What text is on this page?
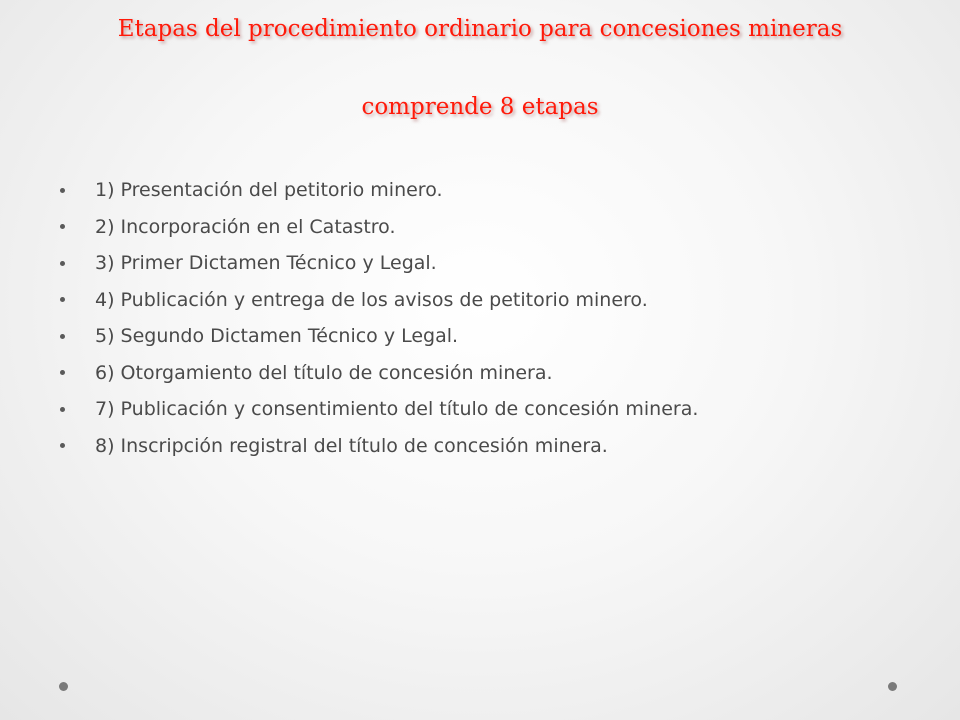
Etapas del procedimiento ordinario para concesiones mineras
comprende 8 etapas
1) Presentación del petitorio minero.
2) Incorporación en el Catastro.
3) Primer Dictamen Técnico y Legal.
4) Publicación y entrega de los avisos de petitorio minero.
5) Segundo Dictamen Técnico y Legal.
6) Otorgamiento del título de concesión minera.
7) Publicación y consentimiento del título de concesión minera.
8) Inscripción registral del título de concesión minera.
